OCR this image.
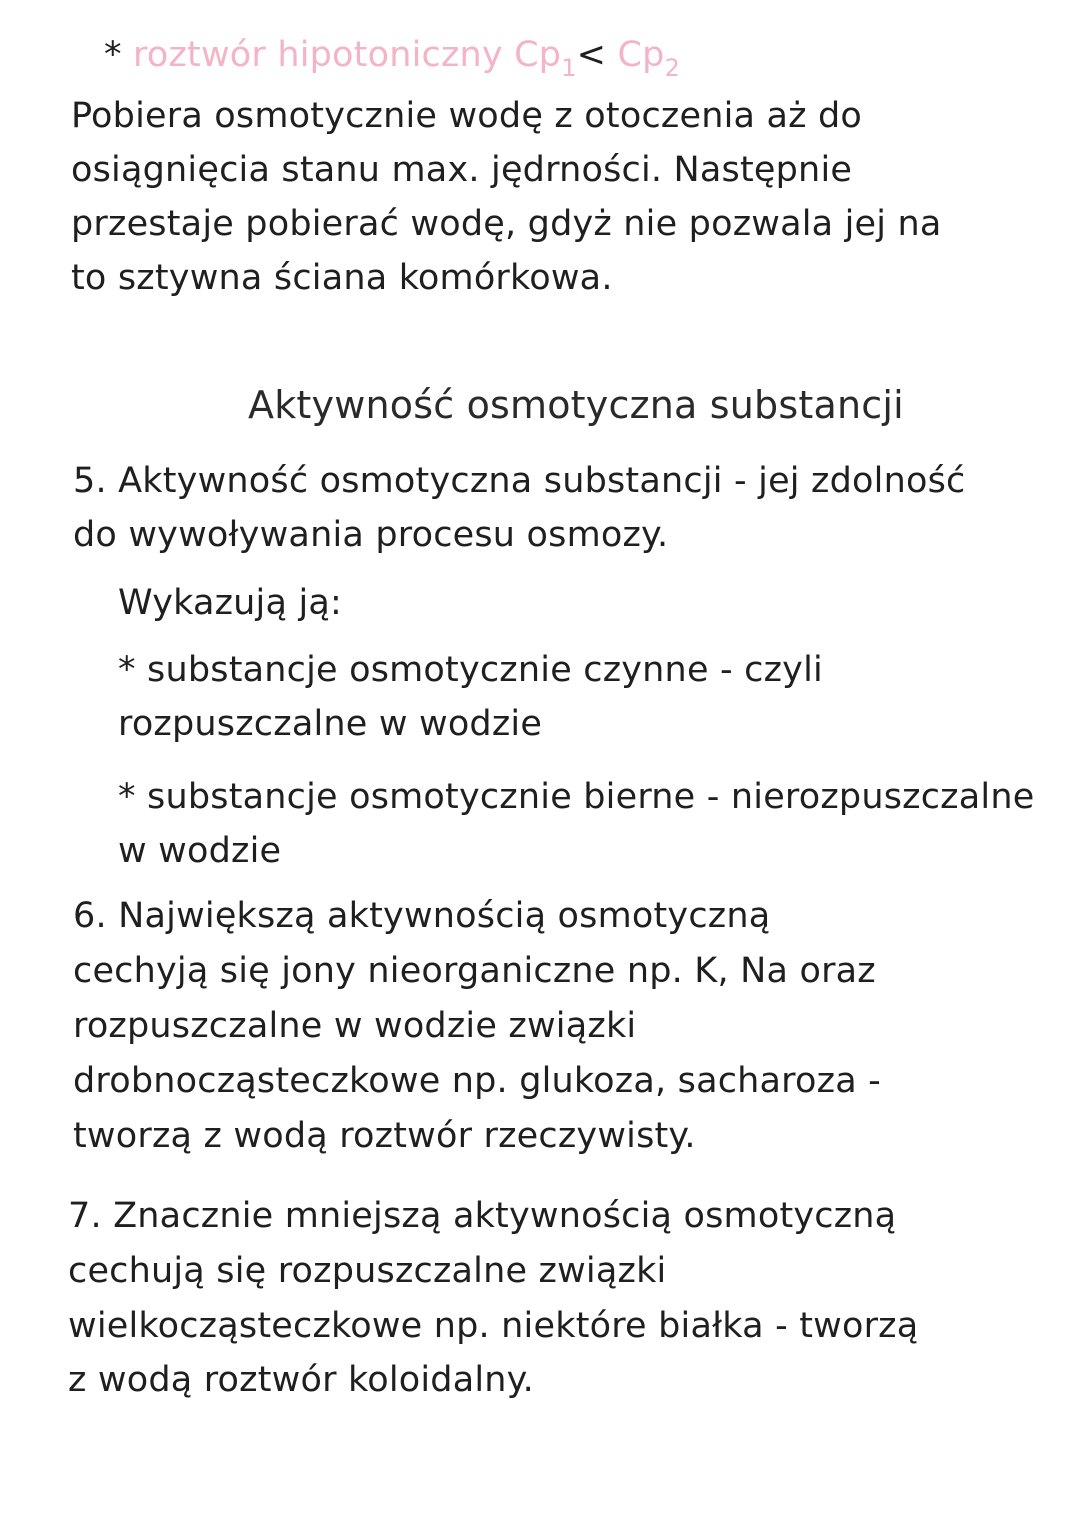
* roztwór hipotoniczny $Cp_1< Cp_2$
Pobiera osmotycznie wodę z otoczenia aż do
osiągnięcia stanu max. jędrności. Następnie
przestaje pobierać wodę, gdyż nie pozwala jej na
to sztywna ściana komórkowa.
Aktywność osmotyczna substancji
5. Aktywność osmotyczna substancji - jej zdolność
do wywoływania procesu osmozy.
Wykazują ją:
* substancje osmotycznie czynne - czyli
rozpuszczalne w wodzie
* substancje osmotycznie bierne - nierozpuszczalne
w wodzie
6. Największą aktywnością osmotyczną
cechyją się jony nieorganiczne np. K, Na oraz
rozpuszczalne w wodzie związki
drobnocząsteczkowe np. glukoza, sacharoza -
tworzą z wodą roztwór rzeczywisty.
7. Znacznie mniejszą aktywnością osmotyczną
cechują się rozpuszczalne związki
wielkocząsteczkowe np. niektóre białka - tworzą
z wodą roztwór koloidalny.
